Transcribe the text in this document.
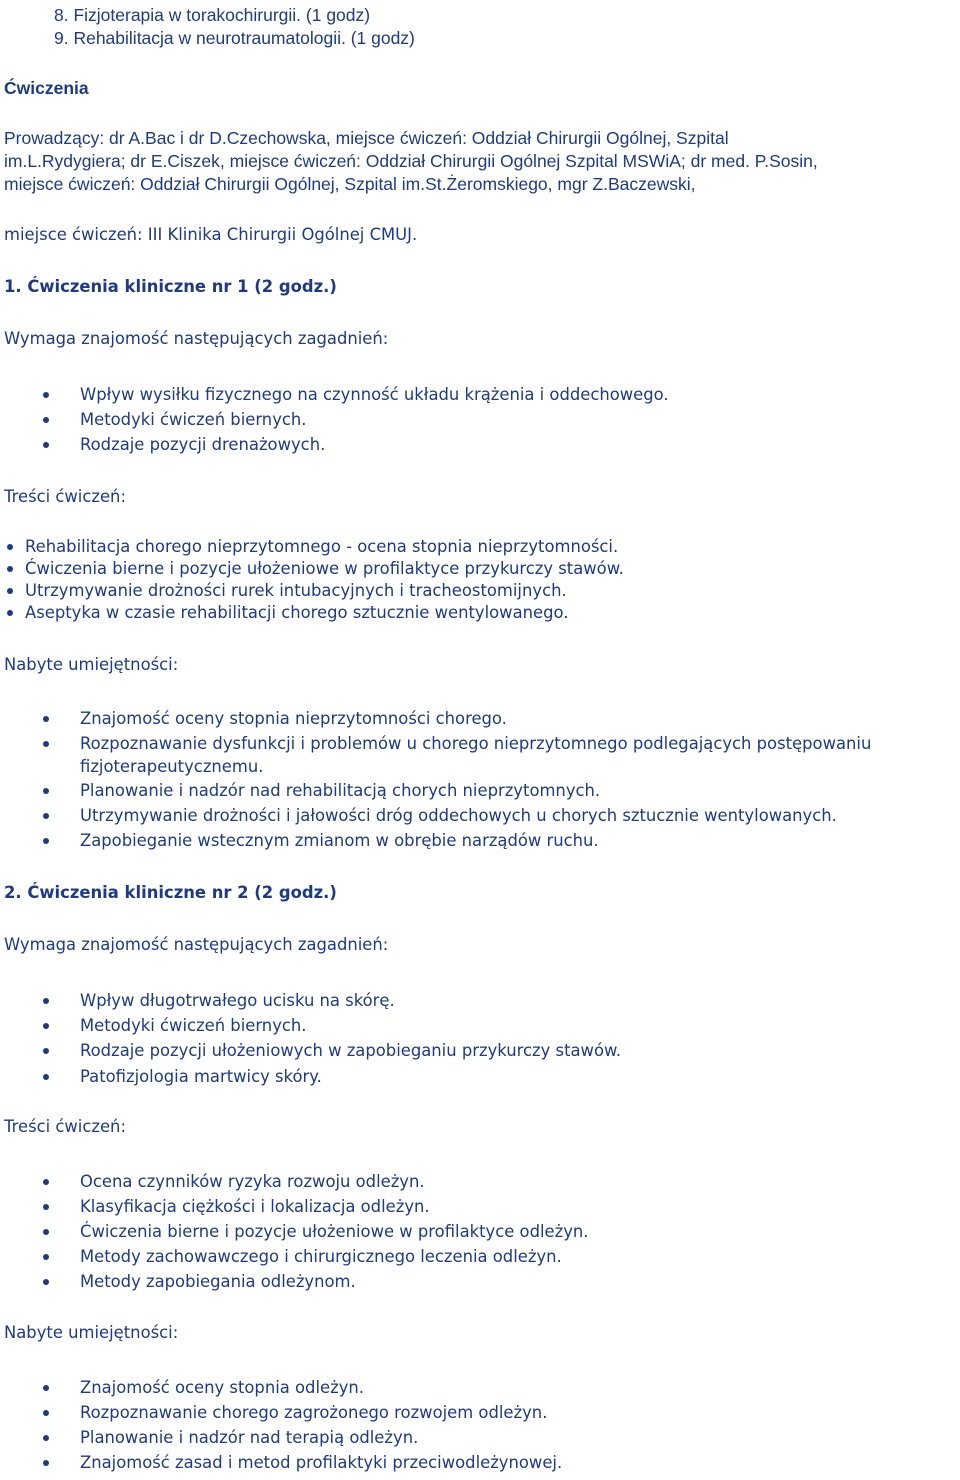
8. Fizjoterapia w torakochirurgii. (1 godz)
9. Rehabilitacja w neurotraumatologii. (1 godz)
Ćwiczenia
Prowadzący: dr A.Bac i dr D.Czechowska, miejsce ćwiczeń: Oddział Chirurgii Ogólnej, Szpital
im.L.Rydygiera; dr E.Ciszek, miejsce ćwiczeń: Oddział Chirurgii Ogólnej Szpital MSWiA; dr med. P.Sosin,
miejsce ćwiczeń: Oddział Chirurgii Ogólnej, Szpital im.St.Żeromskiego, mgr Z.Baczewski,
miejsce ćwiczeń: III Klinika Chirurgii Ogólnej CMUJ.
1. Ćwiczenia kliniczne nr 1 (2 godz.)
Wymaga znajomość następujących zagadnień:
Wpływ wysiłku fizycznego na czynność układu krążenia i oddechowego.
Metodyki ćwiczeń biernych.
Rodzaje pozycji drenażowych.
Treści ćwiczeń:
Rehabilitacja chorego nieprzytomnego - ocena stopnia nieprzytomności.
Ćwiczenia bierne i pozycje ułożeniowe w profilaktyce przykurczy stawów.
Utrzymywanie drożności rurek intubacyjnych i tracheostomijnych.
Aseptyka w czasie rehabilitacji chorego sztucznie wentylowanego.
Nabyte umiejętności:
Znajomość oceny stopnia nieprzytomności chorego.
Rozpoznawanie dysfunkcji i problemów u chorego nieprzytomnego podlegających postępowaniu
fizjoterapeutycznemu.
Planowanie i nadzór nad rehabilitacją chorych nieprzytomnych.
Utrzymywanie drożności i jałowości dróg oddechowych u chorych sztucznie wentylowanych.
Zapobieganie wstecznym zmianom w obrębie narządów ruchu.
2. Ćwiczenia kliniczne nr 2 (2 godz.)
Wymaga znajomość następujących zagadnień:
Wpływ długotrwałego ucisku na skórę.
Metodyki ćwiczeń biernych.
Rodzaje pozycji ułożeniowych w zapobieganiu przykurczy stawów.
Patofizjologia martwicy skóry.
Treści ćwiczeń:
Ocena czynników ryzyka rozwoju odleżyn.
Klasyfikacja ciężkości i lokalizacja odleżyn.
Ćwiczenia bierne i pozycje ułożeniowe w profilaktyce odleżyn.
Metody zachowawczego i chirurgicznego leczenia odleżyn.
Metody zapobiegania odleżynom.
Nabyte umiejętności:
Znajomość oceny stopnia odleżyn.
Rozpoznawanie chorego zagrożonego rozwojem odleżyn.
Planowanie i nadzór nad terapią odleżyn.
Znajomość zasad i metod profilaktyki przeciwodleżynowej.
